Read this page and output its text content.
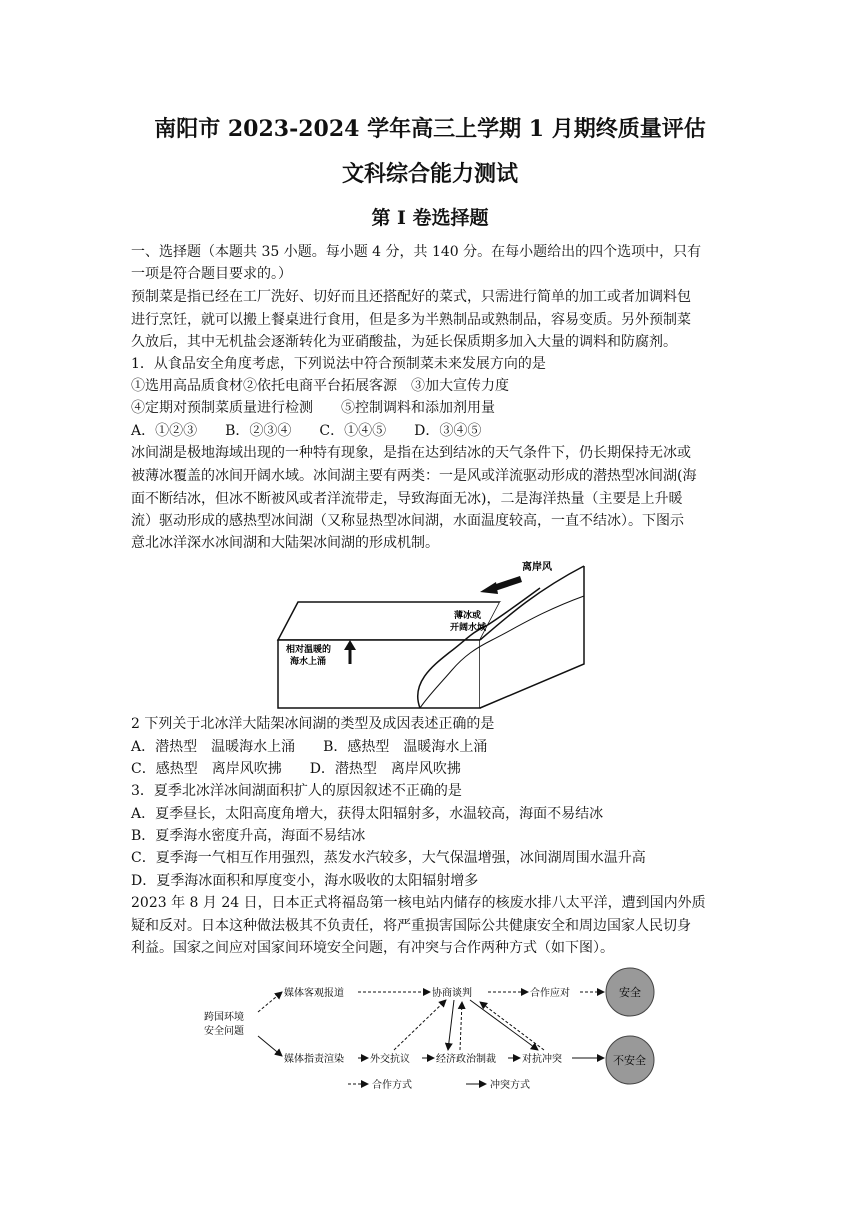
南阳市 2023-2024 学年高三上学期 1 月期终质量评估
文科综合能力测试
第 I 卷选择题
一、选择题（本题共 35 小题。每小题 4 分，共 140 分。在每小题给出的四个选项中，只有
一项是符合题目要求的。）
预制菜是指已经在工厂洗好、切好而且还搭配好的菜式，只需进行简单的加工或者加调料包
进行烹饪，就可以搬上餐桌进行食用，但是多为半熟制品或熟制品，容易变质。另外预制菜
久放后，其中无机盐会逐渐转化为亚硝酸盐，为延长保质期多加入大量的调料和防腐剂。
1．从食品安全角度考虑，下列说法中符合预制菜未来发展方向的是
①选用高品质食材②依托电商平台拓展客源　③加大宣传力度
④定期对预制菜质量进行检测　　⑤控制调料和添加剂用量
A．①②③　　B．②③④　　C．①④⑤　　D．③④⑤
冰间湖是极地海域出现的一种特有现象，是指在达到结冰的天气条件下，仍长期保持无冰或
被薄冰覆盖的冰间开阔水域。冰间湖主要有两类：一是风或洋流驱动形成的潜热型冰间湖(海
面不断结冰，但冰不断被风或者洋流带走，导致海面无冰)，二是海洋热量（主要是上升暖
流）驱动形成的感热型冰间湖（又称显热型冰间湖，水面温度较高，一直不结冰）。下图示
意北冰洋深水冰间湖和大陆架冰间湖的形成机制。
离岸风
薄冰或
开阔水域
相对温暖的
海水上涌
2 下列关于北冰洋大陆架冰间湖的类型及成因表述正确的是
A．潜热型　温暖海水上涌　　B．感热型　温暖海水上涌
C．感热型　离岸风吹拂　　D．潜热型　离岸风吹拂
3．夏季北冰洋冰间湖面积扩人的原因叙述不正确的是
A．夏季昼长，太阳高度角增大，获得太阳辐射多，水温较高，海面不易结冰
B．夏季海水密度升高，海面不易结冰
C．夏季海一气相互作用强烈，蒸发水汽较多，大气保温增强，冰间湖周围水温升高
D．夏季海冰面积和厚度变小，海水吸收的太阳辐射增多
2023 年 8 月 24 日，日本正式将福岛第一核电站内储存的核废水排八太平洋，遭到国内外质
疑和反对。日本这种做法极其不负责任，将严重损害国际公共健康安全和周边国家人民切身
利益。国家之间应对国家间环境安全问题，有冲突与合作两种方式（如下图）。
跨国环境
安全问题
媒体客观报道	协商谈判	合作应对	安全
媒体指责渲染	外交抗议	经济政治制裁	对抗冲突	不安全
合作方式	冲突方式
